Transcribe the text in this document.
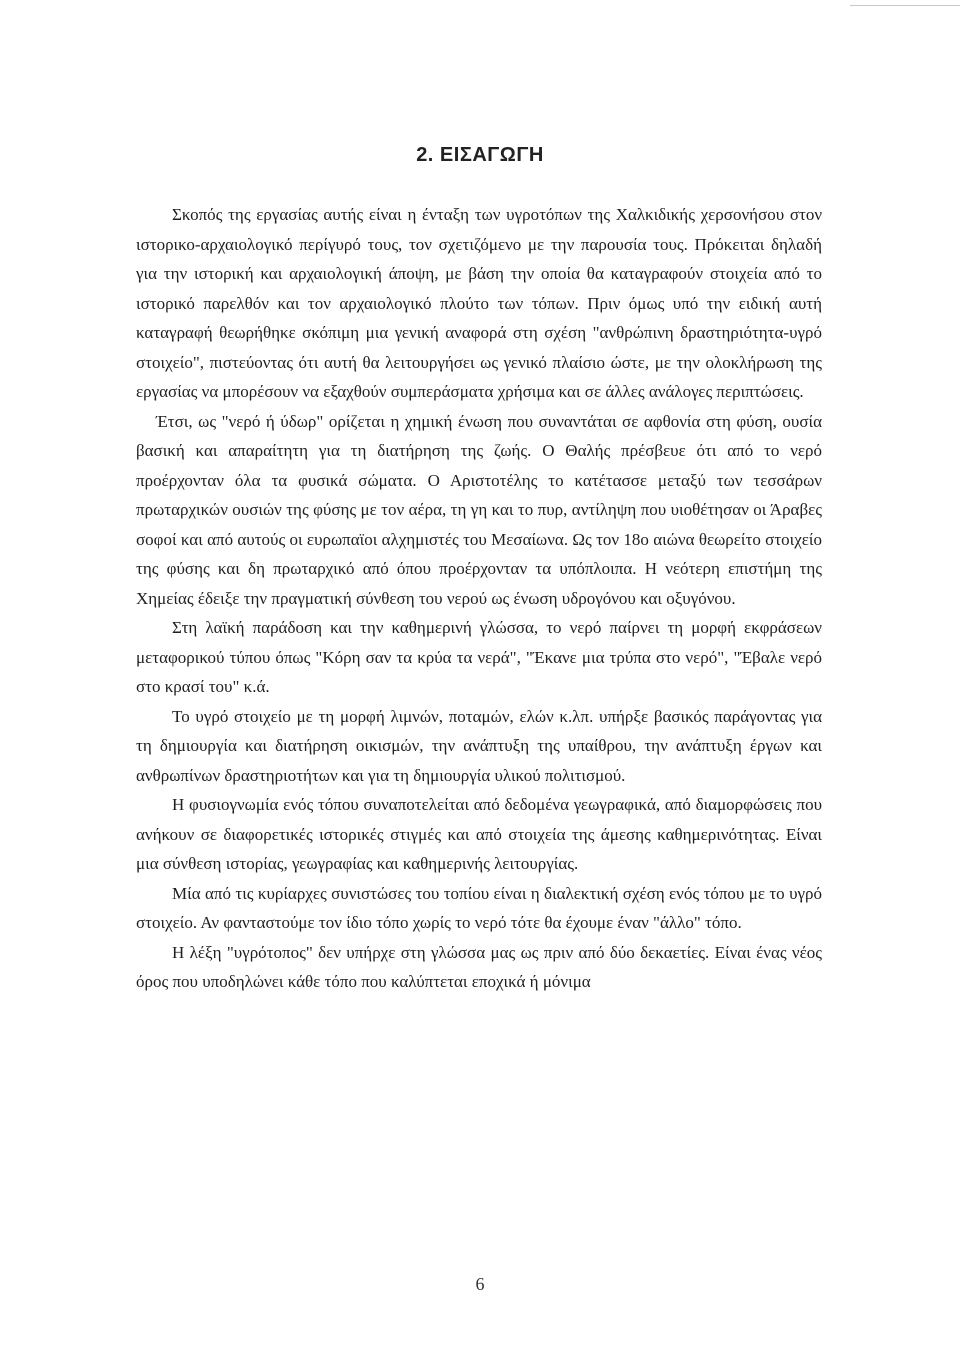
2. ΕΙΣΑΓΩΓΗ

Σκοπός της εργασίας αυτής είναι η ένταξη των υγροτόπων της Χαλκιδικής χερσονήσου στον ιστορικο-αρχαιολογικό περίγυρό τους, τον σχετιζόμενο με την παρουσία τους. Πρόκειται δηλαδή για την ιστορική και αρχαιολογική άποψη, με βάση την οποία θα καταγραφούν στοιχεία από το ιστορικό παρελθόν και τον αρχαιολογικό πλούτο των τόπων. Πριν όμως υπό την ειδική αυτή καταγραφή θεωρήθηκε σκόπιμη μια γενική αναφορά στη σχέση "ανθρώπινη δραστηριότητα-υγρό στοιχείο", πιστεύοντας ότι αυτή θα λειτουργήσει ως γενικό πλαίσιο ώστε, με την ολοκλήρωση της εργασίας να μπορέσουν να εξαχθούν συμπεράσματα χρήσιμα και σε άλλες ανάλογες περιπτώσεις.

Έτσι, ως "νερό ή ύδωρ" ορίζεται η χημική ένωση που συναντάται σε αφθονία στη φύση, ουσία βασική και απαραίτητη για τη διατήρηση της ζωής. Ο Θαλής πρέσβευε ότι από το νερό προέρχονταν όλα τα φυσικά σώματα. Ο Αριστοτέλης το κατέτασσε μεταξύ των τεσσάρων πρωταρχικών ουσιών της φύσης με τον αέρα, τη γη και το πυρ, αντίληψη που υιοθέτησαν οι Άραβες σοφοί και από αυτούς οι ευρωπαϊοι αλχημιστές του Μεσαίωνα. Ως τον 18ο αιώνα θεωρείτο στοιχείο της φύσης και δη πρωταρχικό από όπου προέρχονταν τα υπόπλοιπα. Η νεότερη επιστήμη της Χημείας έδειξε την πραγματική σύνθεση του νερού ως ένωση υδρογόνου και οξυγόνου.

Στη λαϊκή παράδοση και την καθημερινή γλώσσα, το νερό παίρνει τη μορφή εκφράσεων μεταφορικού τύπου όπως "Κόρη σαν τα κρύα τα νερά", "Έκανε μια τρύπα στο νερό", "Έβαλε νερό στο κρασί του" κ.ά.

Το υγρό στοιχείο με τη μορφή λιμνών, ποταμών, ελών κ.λπ. υπήρξε βασικός παράγοντας για τη δημιουργία και διατήρηση οικισμών, την ανάπτυξη της υπαίθρου, την ανάπτυξη έργων και ανθρωπίνων δραστηριοτήτων και για τη δημιουργία υλικού πολιτισμού.

Η φυσιογνωμία ενός τόπου συναποτελείται από δεδομένα γεωγραφικά, από διαμορφώσεις που ανήκουν σε διαφορετικές ιστορικές στιγμές και από στοιχεία της άμεσης καθημερινότητας. Είναι μια σύνθεση ιστορίας, γεωγραφίας και καθημερινής λειτουργίας.

Μία από τις κυρίαρχες συνιστώσες του τοπίου είναι η διαλεκτική σχέση ενός τόπου με το υγρό στοιχείο. Αν φανταστούμε τον ίδιο τόπο χωρίς το νερό τότε θα έχουμε έναν "άλλο" τόπο.

Η λέξη "υγρότοπος" δεν υπήρχε στη γλώσσα μας ως πριν από δύο δεκαετίες. Είναι ένας νέος όρος που υποδηλώνει κάθε τόπο που καλύπτεται εποχικά ή μόνιμα

6
